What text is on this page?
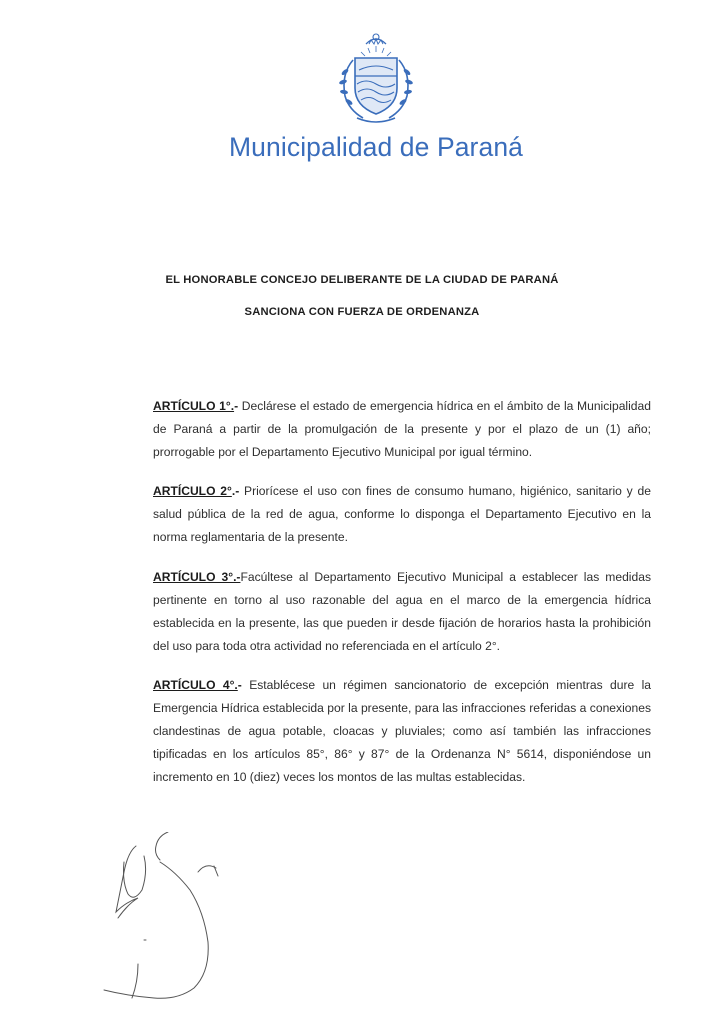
Municipalidad de Paraná
EL HONORABLE CONCEJO DELIBERANTE DE LA CIUDAD DE PARANÁ
SANCIONA CON FUERZA DE ORDENANZA

ARTÍCULO 1°.- Declárese el estado de emergencia hídrica en el ámbito de la Municipalidad de Paraná a partir de la promulgación de la presente y por el plazo de un (1) año; prorrogable por el Departamento Ejecutivo Municipal por igual término.

ARTÍCULO 2°.- Priorícese el uso con fines de consumo humano, higiénico, sanitario y de salud pública de la red de agua, conforme lo disponga el Departamento Ejecutivo en la norma reglamentaria de la presente.

ARTÍCULO 3°.-Facúltese al Departamento Ejecutivo Municipal a establecer las medidas pertinente en torno al uso razonable del agua en el marco de la emergencia hídrica establecida en la presente, las que pueden ir desde fijación de horarios hasta la prohibición del uso para toda otra actividad no referenciada en el artículo 2°.

ARTÍCULO 4°.- Establécese un régimen sancionatorio de excepción mientras dure la Emergencia Hídrica establecida por la presente, para las infracciones referidas a conexiones clandestinas de agua potable, cloacas y pluviales; como así también las infracciones tipificadas en los artículos 85°, 86° y 87° de la Ordenanza N° 5614, disponiéndose un incremento en 10 (diez) veces los montos de las multas establecidas.
